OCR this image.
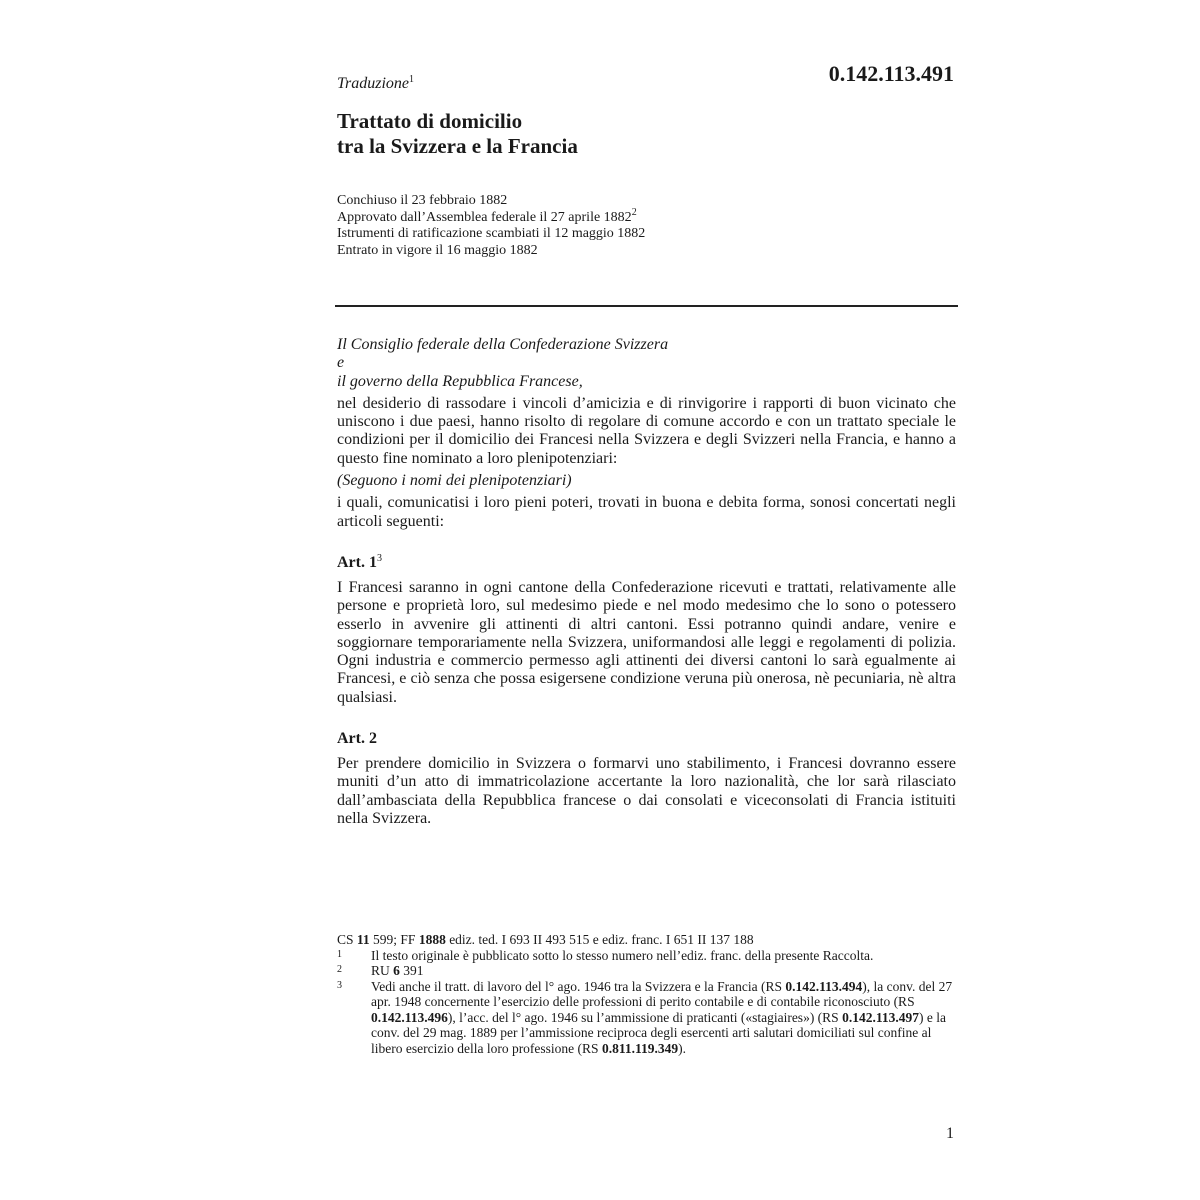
Traduzione$^1$	0.142.113.491
Trattato di domicilio
tra la Svizzera e la Francia
Conchiuso il 23 febbraio 1882
Approvato dall’Assemblea federale il 27 aprile 1882$^2$
Istrumenti di ratificazione scambiati il 12 maggio 1882
Entrato in vigore il 16 maggio 1882
Il Consiglio federale della Confederazione Svizzera
e
il governo della Repubblica Francese,

nel desiderio di rassodare i vincoli d’amicizia e di rinvigorire i rapporti di buon vicinato che uniscono i due paesi, hanno risolto di regolare di comune accordo e con un trattato speciale le condizioni per il domicilio dei Francesi nella Svizzera e degli Svizzeri nella Francia, e hanno a questo fine nominato a loro plenipotenziari:

(Seguono i nomi dei plenipotenziari)

i quali, comunicatisi i loro pieni poteri, trovati in buona e debita forma, sonosi concertati negli articoli seguenti:

Art. $1^3$

I Francesi saranno in ogni cantone della Confederazione ricevuti e trattati, relativamente alle persone e proprietà loro, sul medesimo piede e nel modo medesimo che lo sono o potessero esserlo in avvenire gli attinenti di altri cantoni. Essi potranno quindi andare, venire e soggiornare temporariamente nella Svizzera, uniformandosi alle leggi e regolamenti di polizia. Ogni industria e commercio permesso agli attinenti dei diversi cantoni lo sarà egualmente ai Francesi, e ciò senza che possa esigersene condizione veruna più onerosa, nè pecuniaria, nè altra qualsiasi.

Art. 2

Per prendere domicilio in Svizzera o formarvi uno stabilimento, i Francesi dovranno essere muniti d’un atto di immatricolazione accertante la loro nazionalità, che lor sarà rilasciato dall’ambasciata della Repubblica francese o dai consolati e viceconsolati di Francia istituiti nella Svizzera.

CS 11 599; FF 1888 ediz. ted. I 693 II 493 515 e ediz. franc. I 651 II 137 188
1	Il testo originale è pubblicato sotto lo stesso numero nell’ediz. franc. della presente Raccolta.
2	RU 6 391
3	Vedi anche il tratt. di lavoro del l° ago. 1946 tra la Svizzera e la Francia (RS 0.142.113.494), la conv. del 27 apr. 1948 concernente l’esercizio delle professioni di perito contabile e di contabile riconosciuto (RS 0.142.113.496), l’acc. del l° ago. 1946 su l’ammissione di praticanti («stagiaires») (RS 0.142.113.497) e la conv. del 29 mag. 1889 per l’ammissione reciproca degli esercenti arti salutari domiciliati sul confine al libero esercizio della loro professione (RS 0.811.119.349).
1
